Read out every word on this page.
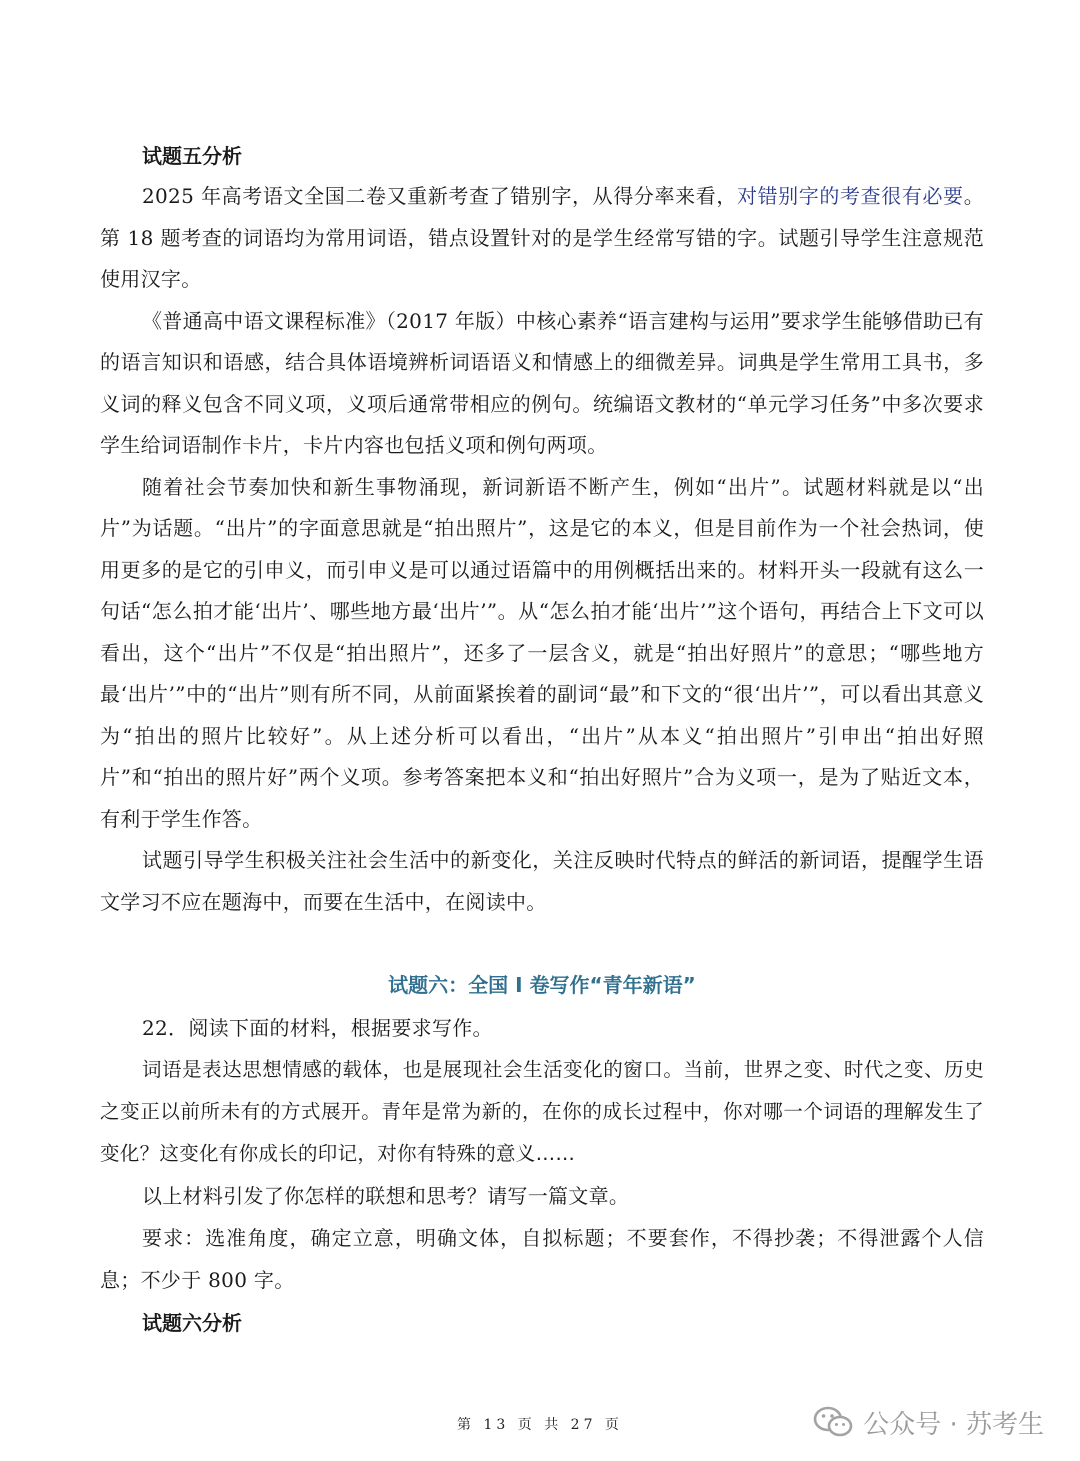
试题五分析

2025 年高考语文全国二卷又重新考查了错别字，从得分率来看，对错别字的考查很有必要。第 18 题考查的词语均为常用词语，错点设置针对的是学生经常写错的字。试题引导学生注意规范使用汉字。

《普通高中语文课程标准》（2017 年版）中核心素养“语言建构与运用”要求学生能够借助已有的语言知识和语感，结合具体语境辨析词语语义和情感上的细微差异。词典是学生常用工具书，多义词的释义包含不同义项，义项后通常带相应的例句。统编语文教材的“单元学习任务”中多次要求学生给词语制作卡片，卡片内容也包括义项和例句两项。

随着社会节奏加快和新生事物涌现，新词新语不断产生，例如“出片”。试题材料就是以“出片”为话题。“出片”的字面意思就是“拍出照片”，这是它的本义，但是目前作为一个社会热词，使用更多的是它的引申义，而引申义是可以通过语篇中的用例概括出来的。材料开头一段就有这么一句话“怎么拍才能‘出片’、哪些地方最‘出片’”。从“怎么拍才能‘出片’”这个语句，再结合上下文可以看出，这个“出片”不仅是“拍出照片”，还多了一层含义，就是“拍出好照片”的意思；“哪些地方最‘出片’”中的“出片”则有所不同，从前面紧挨着的副词“最”和下文的“很‘出片’”，可以看出其意义为“拍出的照片比较好”。从上述分析可以看出，“出片”从本义“拍出照片”引申出“拍出好照片”和“拍出的照片好”两个义项。参考答案把本义和“拍出好照片”合为义项一，是为了贴近文本，有利于学生作答。

试题引导学生积极关注社会生活中的新变化，关注反映时代特点的鲜活的新词语，提醒学生语文学习不应在题海中，而要在生活中，在阅读中。

试题六：全国 I 卷写作“青年新语”

22．阅读下面的材料，根据要求写作。

词语是表达思想情感的载体，也是展现社会生活变化的窗口。当前，世界之变、时代之变、历史之变正以前所未有的方式展开。青年是常为新的，在你的成长过程中，你对哪一个词语的理解发生了变化？这变化有你成长的印记，对你有特殊的意义……

以上材料引发了你怎样的联想和思考？请写一篇文章。

要求：选准角度，确定立意，明确文体，自拟标题；不要套作，不得抄袭；不得泄露个人信息；不少于 800 字。

试题六分析

第 13 页 共 27 页	公众号 · 苏考生
